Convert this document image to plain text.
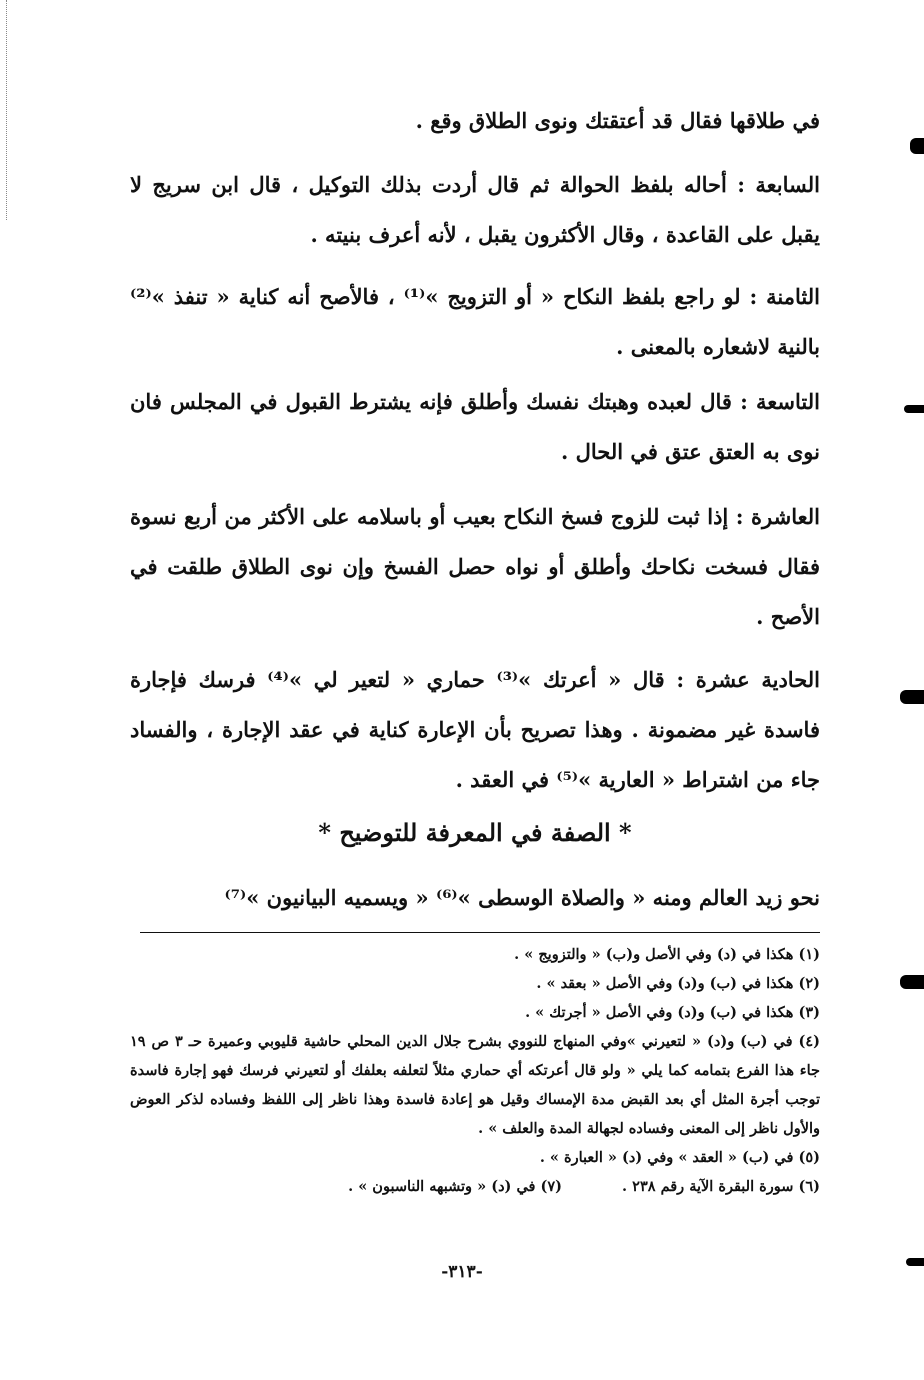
في طلاقها فقال قد أعتقتك ونوى الطلاق وقع .

السابعة : أحاله بلفظ الحوالة ثم قال أردت بذلك التوكيل ، قال ابن سريج لا يقبل على القاعدة ، وقال الأكثرون يقبل ، لأنه أعرف بنيته .

الثامنة : لو راجع بلفظ النكاح « أو التزويج »⁽¹⁾ ، فالأصح أنه كناية « تنفذ »⁽²⁾ بالنية لاشعاره بالمعنى .

التاسعة : قال لعبده وهبتك نفسك وأطلق فإنه يشترط القبول في المجلس فان نوى به العتق عتق في الحال .

العاشرة : إذا ثبت للزوج فسخ النكاح بعيب أو باسلامه على الأكثر من أربع نسوة فقال فسخت نكاحك وأطلق أو نواه حصل الفسخ وإن نوى الطلاق طلقت في الأصح .

الحادية عشرة : قال « أعرتك »⁽³⁾ حماري « لتعير لي »⁽⁴⁾ فرسك فإجارة فاسدة غير مضمونة . وهذا تصريح بأن الإعارة كناية في عقد الإجارة ، والفساد جاء من اشتراط « العارية »⁽⁵⁾ في العقد .

* الصفة في المعرفة للتوضيح *
نحو زيد العالم ومنه « والصلاة الوسطى »⁽⁶⁾ « ويسميه البيانيون »⁽⁷⁾
(١) هكذا في (د) وفي الأصل و(ب) « والتزويج » .
(٢) هكذا في (ب) و(د) وفي الأصل « بعقد » .
(٣) هكذا في (ب) و(د) وفي الأصل « أجرتك » .
(٤) في (ب) و(د) « لتعيرني »وفي المنهاج للنووي بشرح جلال الدين المحلي حاشية قليوبي وعميرة حـ ٣ ص ١٩ جاء هذا الفرع بتمامه كما يلي « ولو قال أعرتكه أي حماري مثلاً لتعلفه بعلفك أو لتعيرني فرسك فهو إجارة فاسدة توجب أجرة المثل أي بعد القبض مدة الإمساك وقيل هو إعادة فاسدة وهذا ناظر إلى اللفظ وفساده لذكر العوض والأول ناظر إلى المعنى وفساده لجهالة المدة والعلف » .
(٥) في (ب) « العقد » وفي (د) « العبارة » .
(٦) سورة البقرة الآية رقم ٢٣٨ .
(٧) في (د) « وتشبهه الناسبون » .
-٣١٣-
